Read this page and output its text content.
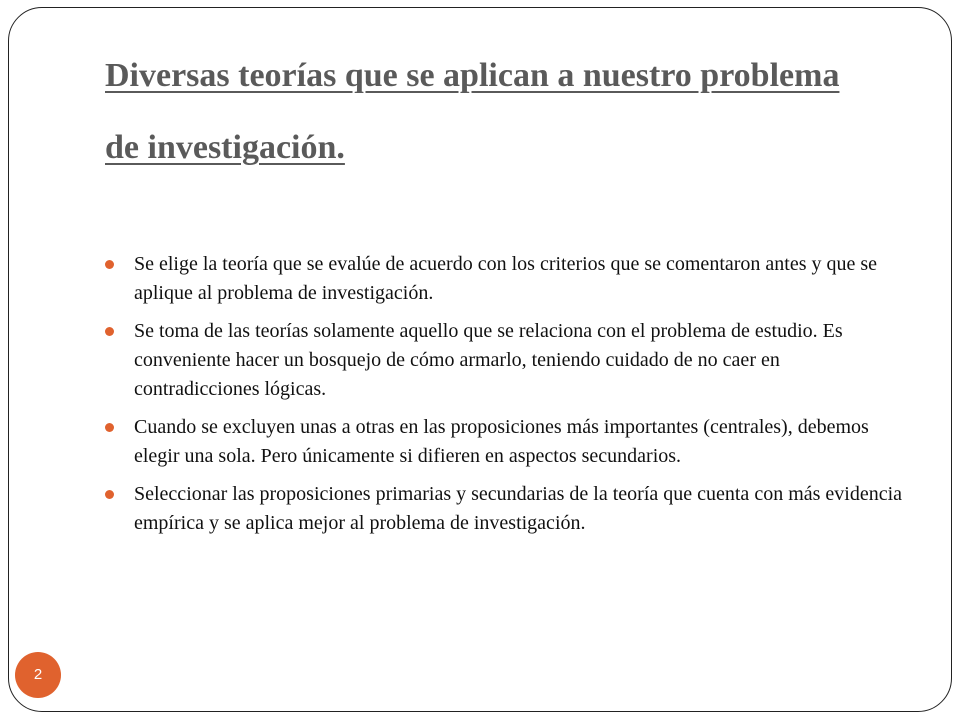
Diversas teorías que se aplican a nuestro problema de investigación.
Se elige la teoría que se evalúe de acuerdo con los criterios que se comentaron antes y que se aplique al problema de investigación.
Se toma de las teorías solamente aquello que se relaciona con el problema de estudio. Es conveniente hacer un bosquejo de cómo armarlo, teniendo cuidado de no caer en contradicciones lógicas.
Cuando se excluyen unas a otras en las proposiciones más importantes (centrales), debemos elegir una sola. Pero únicamente si difieren en aspectos secundarios.
Seleccionar las proposiciones primarias y secundarias de la teoría que cuenta con más evidencia empírica y se aplica mejor al problema de investigación.
2
